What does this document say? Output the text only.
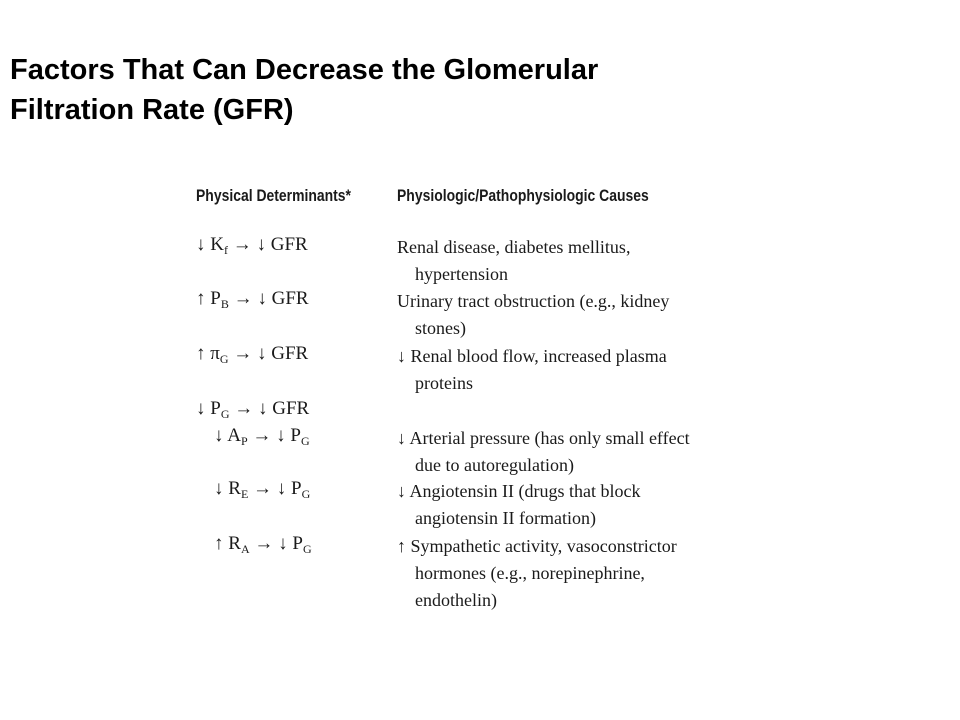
Factors That Can Decrease the Glomerular
Filtration Rate (GFR)
Physical Determinants*	Physiologic/Pathophysiologic Causes
↓ $K_f$ → ↓ GFR	Renal disease, diabetes mellitus,
hypertension
↑ $P_B$ → ↓ GFR	Urinary tract obstruction (e.g., kidney
stones)
↑ $\pi_G$ → ↓ GFR	↓ Renal blood flow, increased plasma
proteins
↓ $P_G$ → ↓ GFR
↓ $A_P$ → ↓ $P_G$	↓ Arterial pressure (has only small effect
due to autoregulation)
↓ $R_E$ → ↓ $P_G$	↓ Angiotensin II (drugs that block
angiotensin II formation)
↑ $R_A$ → ↓ $P_G$	↑ Sympathetic activity, vasoconstrictor
hormones (e.g., norepinephrine,
endothelin)
